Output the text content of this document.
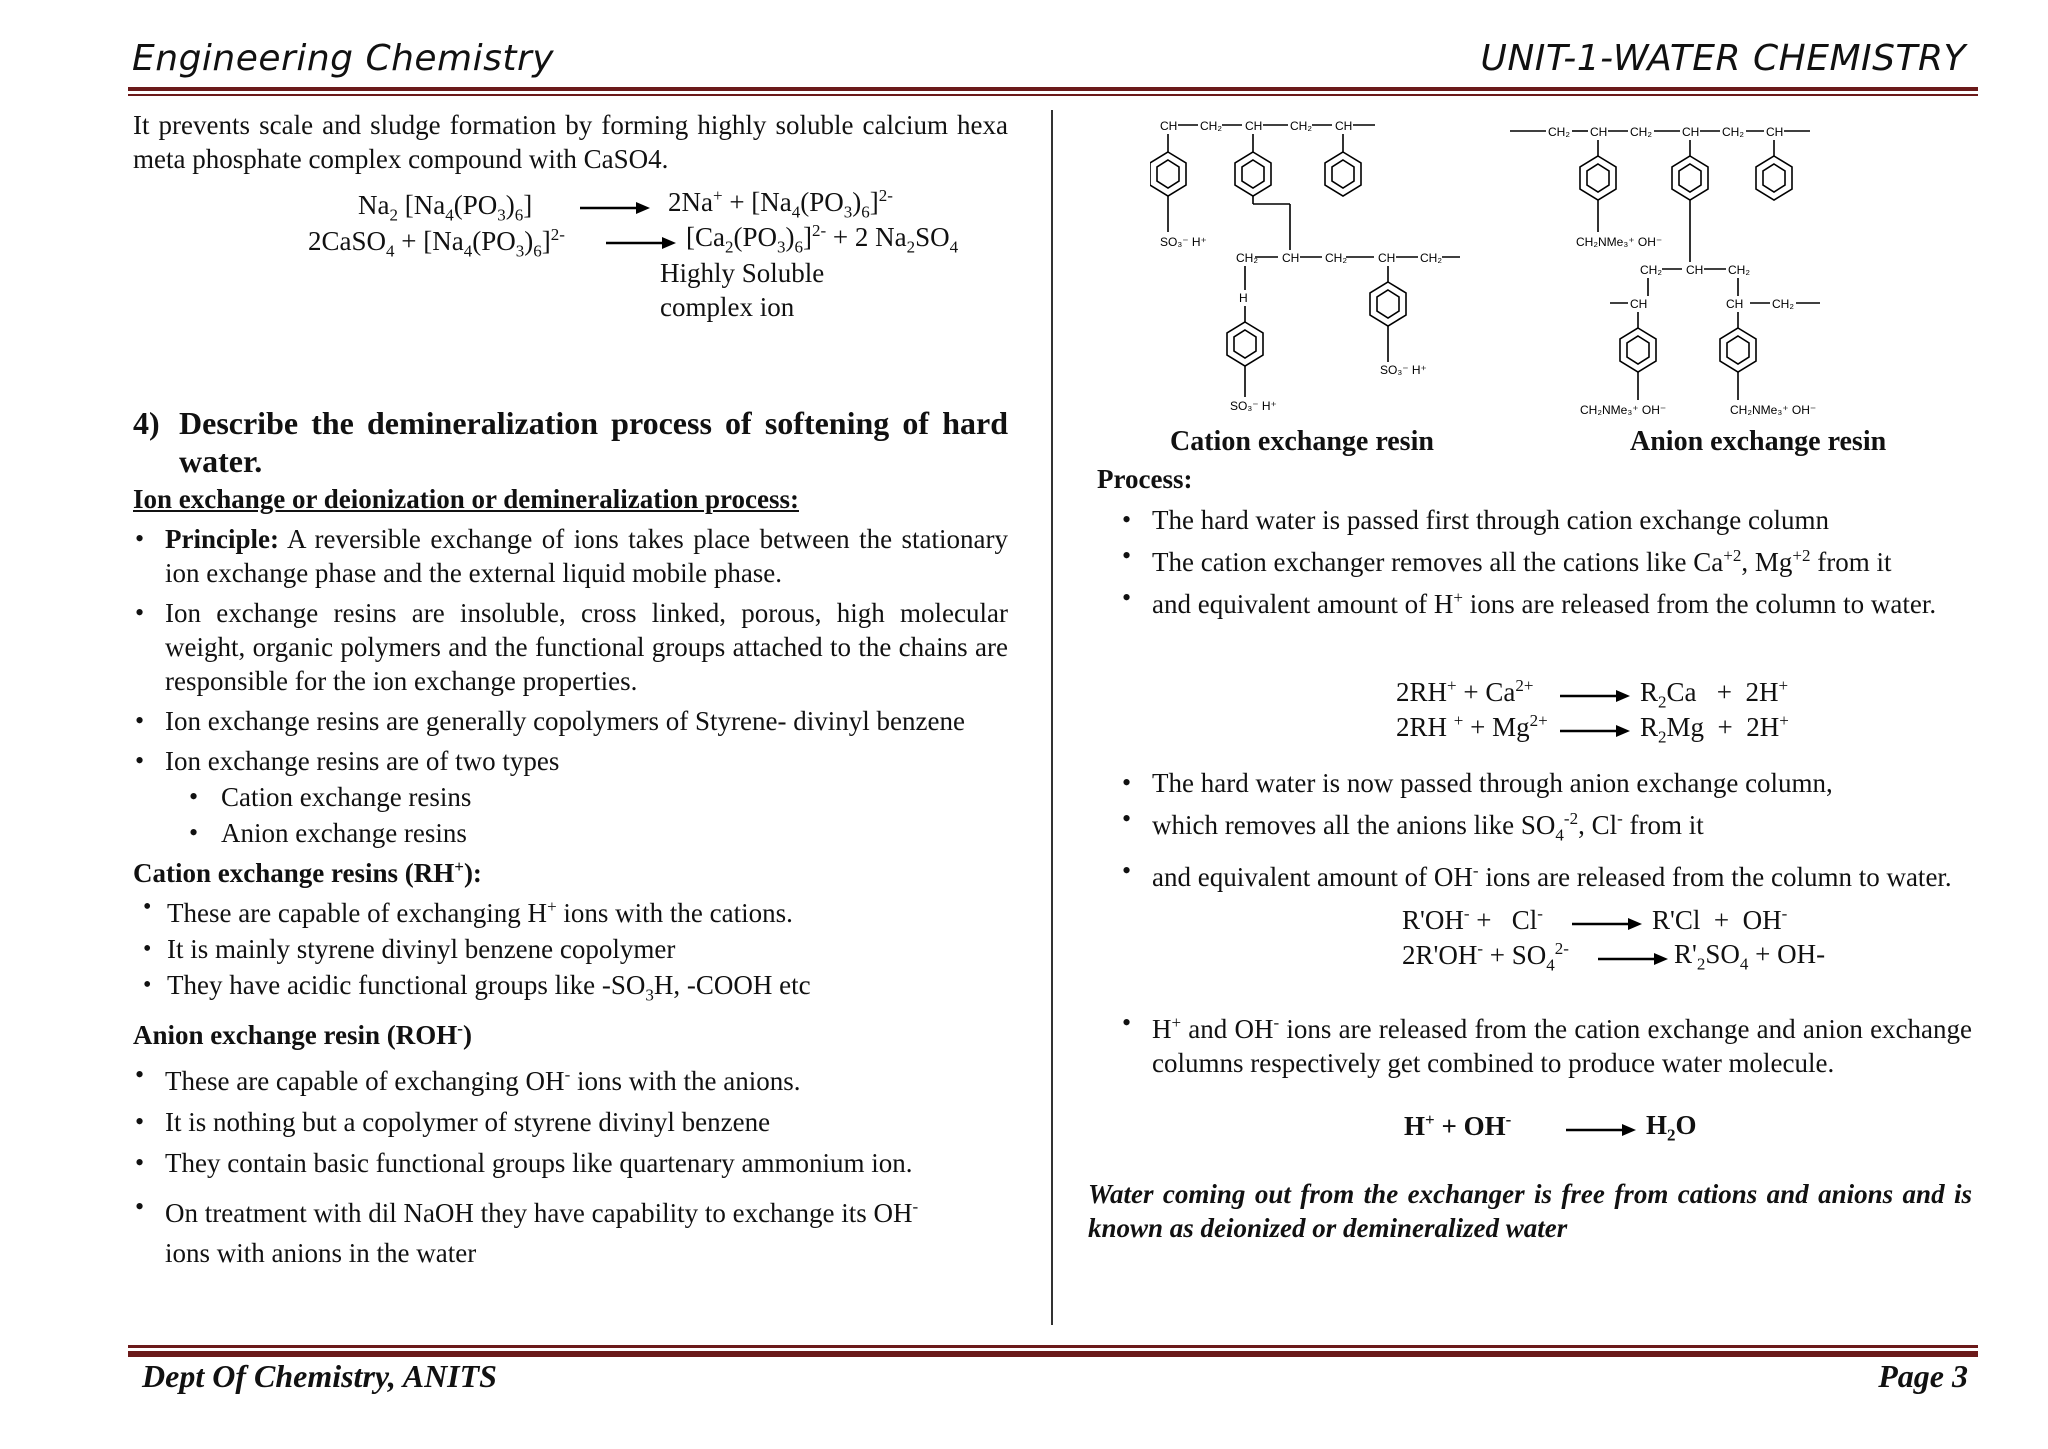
Engineering Chemistry	UNIT-1-WATER CHEMISTRY
It prevents scale and sludge formation by forming highly soluble calcium hexa meta phosphate complex compound with CaSO4.
$Na_2$ $[Na_4(PO_3)_6]$	$2Na^+ + [Na_4(PO_3)_6]^{2-}$
2CaSO$_4$ + $[Na_4(PO_3)_6]^{2-}$	$[Ca_2(PO_3)_6]^{2-} + 2$ $Na_2SO_4$
Highly Soluble
complex ion
4) Describe the demineralization process of softening of hard water.
Ion exchange or deionization or demineralization process:
• Principle: A reversible exchange of ions takes place between the stationary ion exchange phase and the external liquid mobile phase.
• Ion exchange resins are insoluble, cross linked, porous, high molecular weight, organic polymers and the functional groups attached to the chains are responsible for the ion exchange properties.
• Ion exchange resins are generally copolymers of Styrene- divinyl benzene
• Ion exchange resins are of two types
• Cation exchange resins
• Anion exchange resins
Cation exchange resins (RH+):
• These are capable of exchanging H+ ions with the cations.
• It is mainly styrene divinyl benzene copolymer
• They have acidic functional groups like $-SO_3H$, -COOH etc
Anion exchange resin (ROH-)
• These are capable of exchanging OH- ions with the anions.
• It is nothing but a copolymer of styrene divinyl benzene
• They contain basic functional groups like quartenary ammonium ion.
• On treatment with dil NaOH they have capability to exchange its OH-
ions with anions in the water
CH CH₂ CH CH₂ CH
SO₃⁻ H⁺
CH₂ CH CH₂	CH CH₂
H
SO₃⁻ H⁺
SO₃⁻ H⁺
CH₂ CH CH₂	CH CH₂ CH
CH₂NMe₃⁺ OH⁻
CH₂ CH CH₂
CH	CH CH₂
CH₂NMe₃⁺ OH⁻	CH₂NMe₃⁺ OH⁻
Cation exchange resin	Anion exchange resin
Process:
• The hard water is passed first through cation exchange column
• The cation exchanger removes all the cations like $Ca^{+2}$, $Mg^{+2}$ from it
• and equivalent amount of H+ ions are released from the column to water.
$2RH^+ + Ca^{2+}$	$R_2Ca + 2H^+$
2RH $^+ + Mg^{2+}$	$R_2Mg + 2H^+$
• The hard water is now passed through anion exchange column,
• which removes all the anions like $SO_4^{-2}$, Cl- from it
• and equivalent amount of OH- ions are released from the column to water.
R'OH- +   Cl-	R'Cl  +  OH-
$2R'OH^- + SO_4^{2-}$	$R'_2SO_4 + OH-$
• H+ and OH- ions are released from the cation exchange and anion exchange columns respectively get combined to produce water molecule.
H+ + OH-	$H_2O$
Water coming out from the exchanger is free from cations and anions and is known as deionized or demineralized water
Dept Of Chemistry, ANITS	Page 3
